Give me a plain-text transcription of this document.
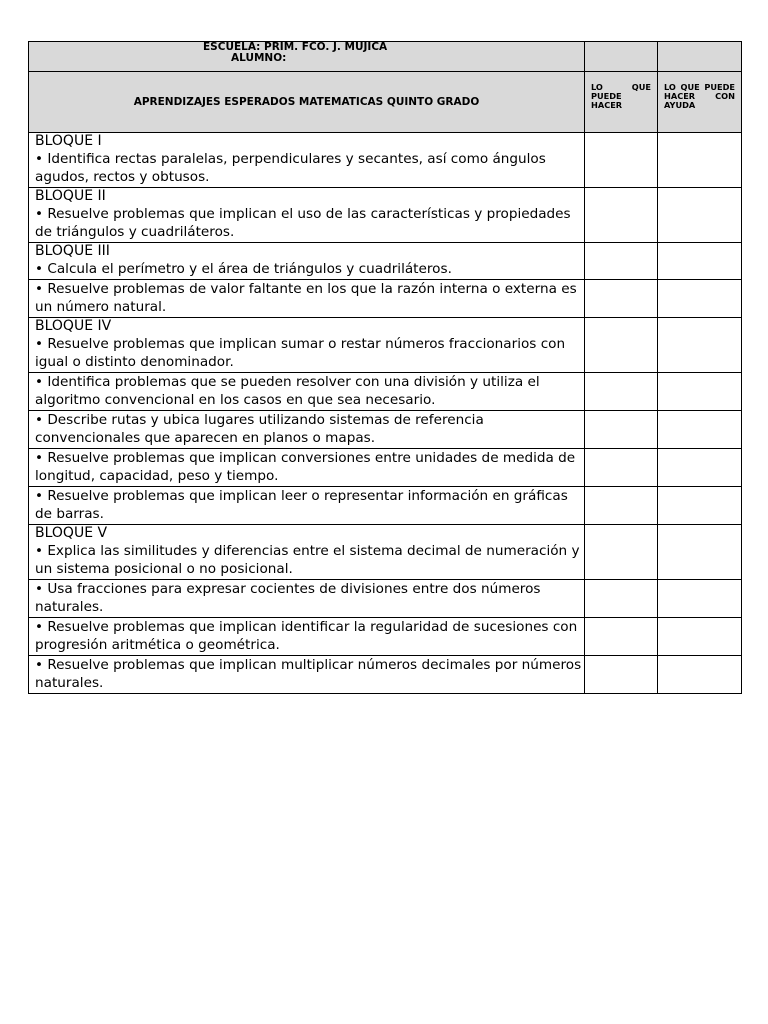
ESCUELA: PRIM. FCO. J. MUJICA
ALUMNO:		

APRENDIZAJES ESPERADOS MATEMATICAS QUINTO GRADO	LO QUE PUEDE HACER	LO QUE PUEDE HACER CON AYUDA

BLOQUE I
• Identifica rectas paralelas, perpendiculares y secantes, así como ángulos agudos, rectos y obtusos.		

BLOQUE II
• Resuelve problemas que implican el uso de las características y propiedades de triángulos y cuadriláteros.		

BLOQUE III
• Calcula el perímetro y el área de triángulos y cuadriláteros.		

• Resuelve problemas de valor faltante en los que la razón interna o externa es un número natural.		

BLOQUE IV
• Resuelve problemas que implican sumar o restar números fraccionarios con igual o distinto denominador.		

• Identifica problemas que se pueden resolver con una división y utiliza el algoritmo convencional en los casos en que sea necesario.		

• Describe rutas y ubica lugares utilizando sistemas de referencia convencionales que aparecen en planos o mapas.		

• Resuelve problemas que implican conversiones entre unidades de medida de longitud, capacidad, peso y tiempo.		

• Resuelve problemas que implican leer o representar información en gráficas de barras.		

BLOQUE V
• Explica las similitudes y diferencias entre el sistema decimal de numeración y un sistema posicional o no posicional.		

• Usa fracciones para expresar cocientes de divisiones entre dos números naturales.		

• Resuelve problemas que implican identificar la regularidad de sucesiones con progresión aritmética o geométrica.		

• Resuelve problemas que implican multiplicar números decimales por números naturales.		
